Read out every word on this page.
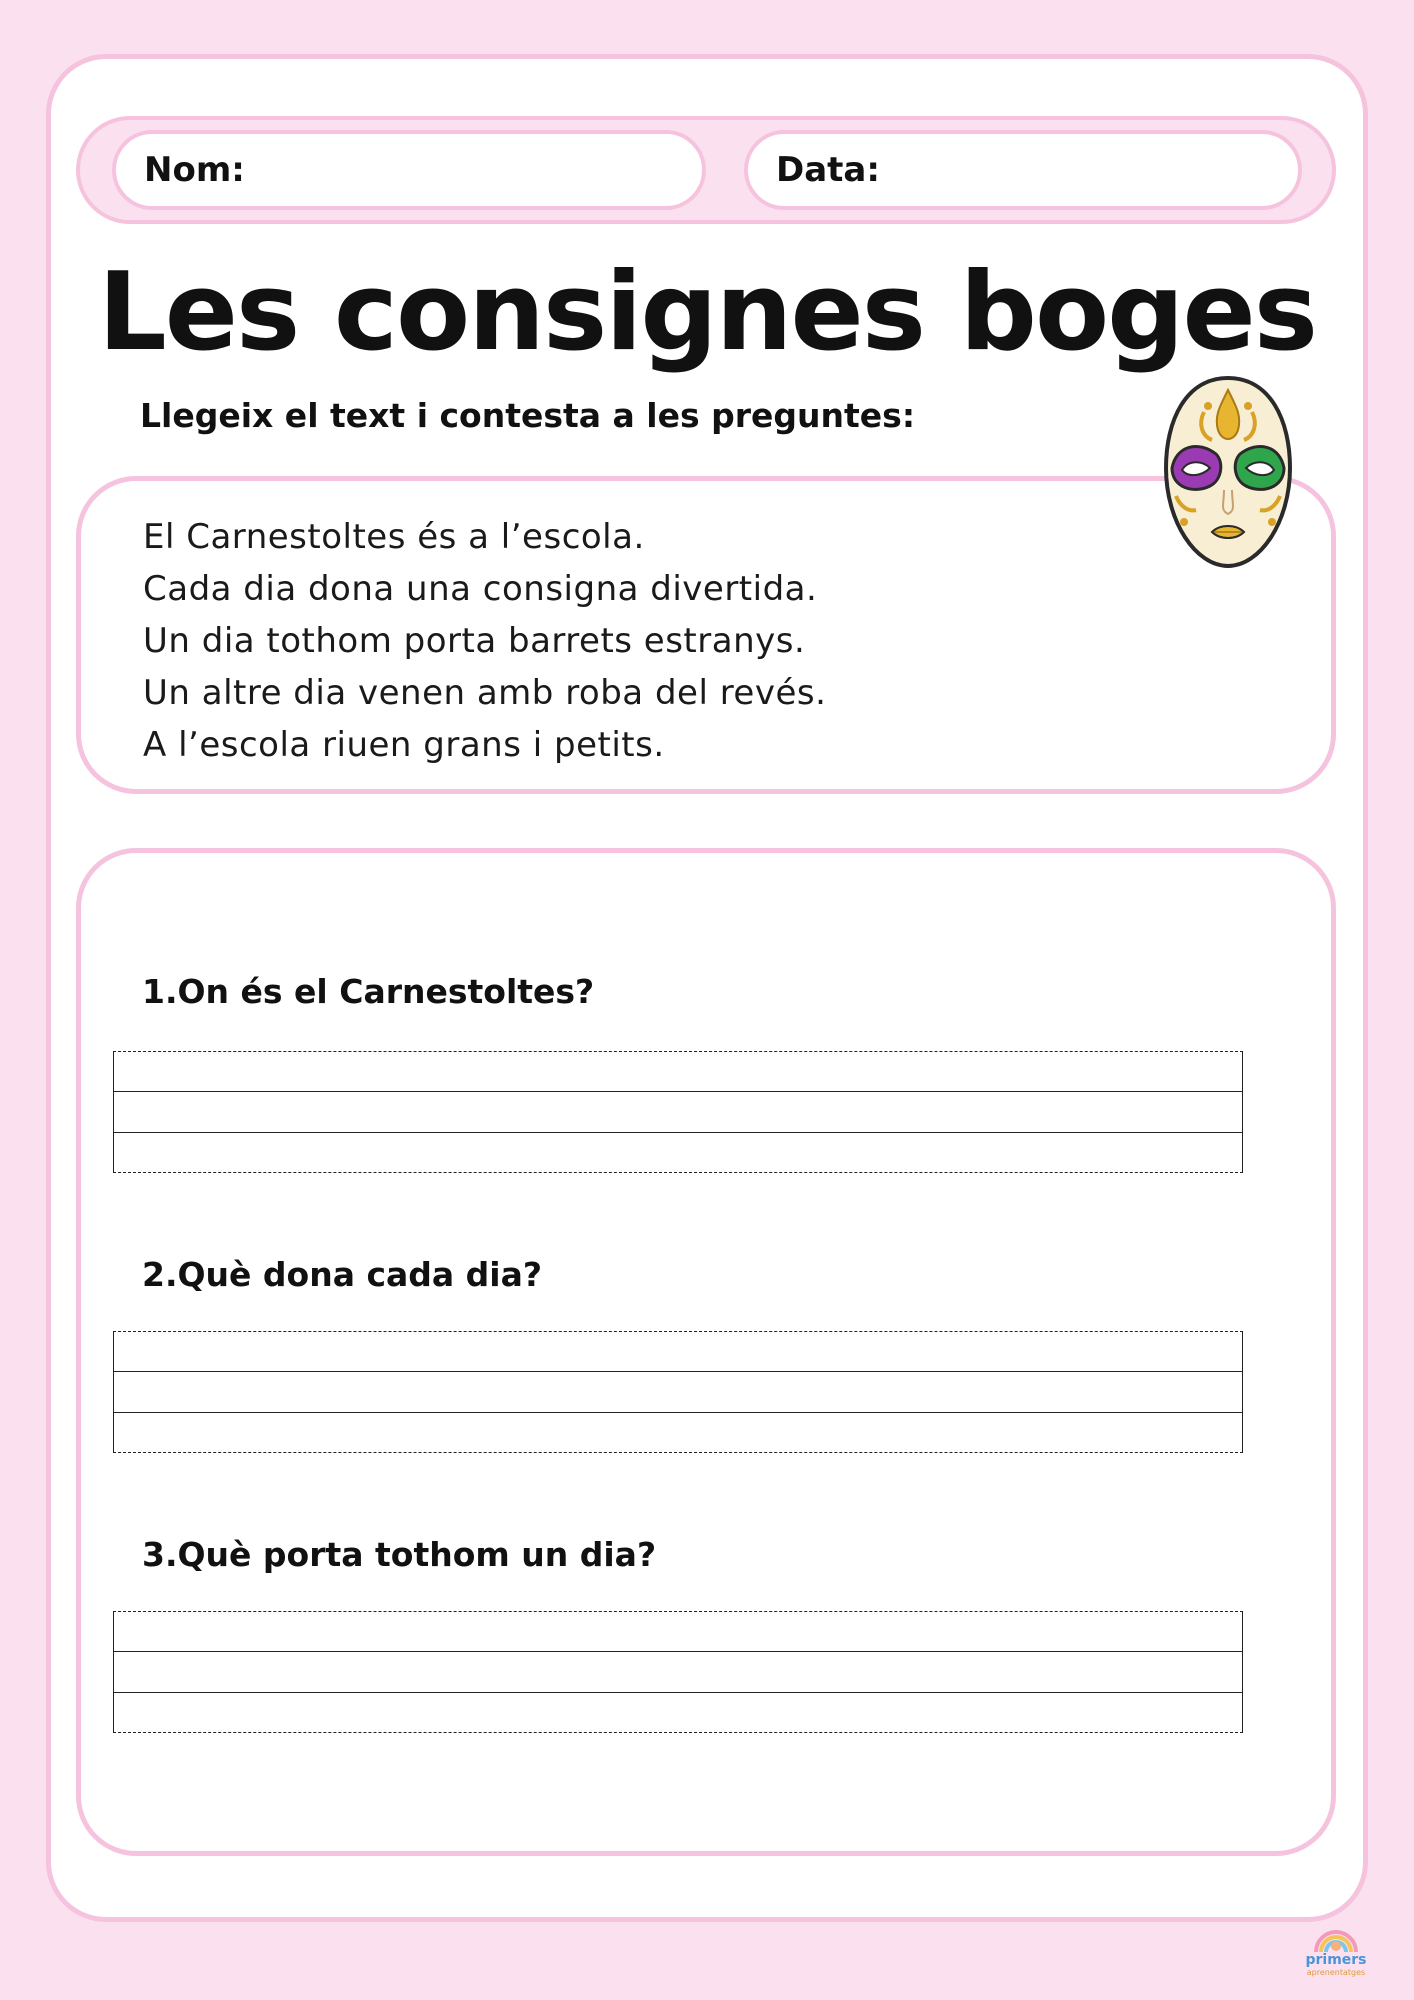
Nom:	Data:
Les consignes boges
Llegeix el text i contesta a les preguntes:
El Carnestoltes és a l’escola.
Cada dia dona una consigna divertida.
Un dia tothom porta barrets estranys.
Un altre dia venen amb roba del revés.
A l’escola riuen grans i petits.
1.On és el Carnestoltes?
2.Què dona cada dia?
3.Què porta tothom un dia?
primers
aprenentatges
